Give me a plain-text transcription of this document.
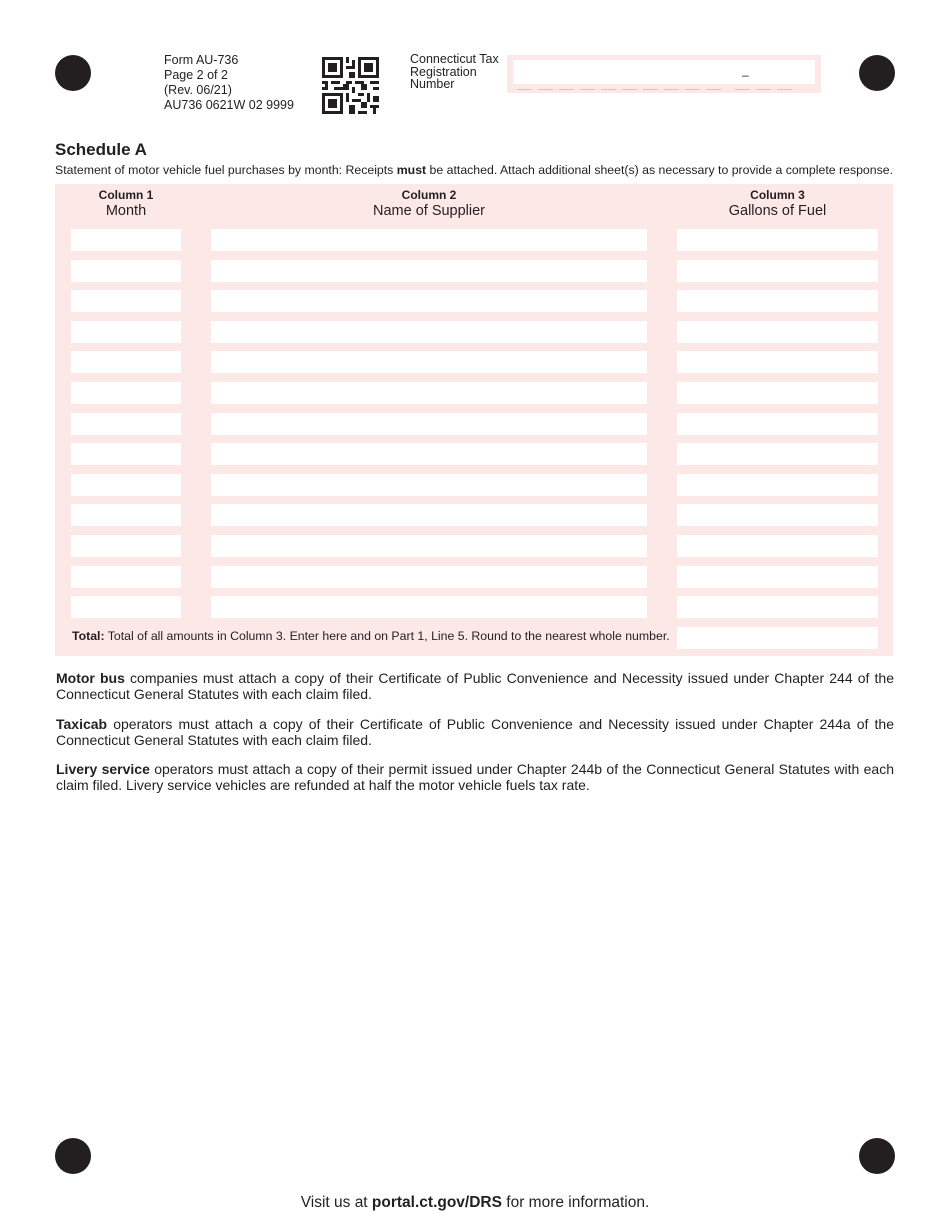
Form AU-736
Page 2 of 2
(Rev. 06/21)
AU736 0621W 02 9999
Connecticut Tax
Registration
Number
–
Schedule A
Statement of motor vehicle fuel purchases by month: Receipts must be attached. Attach additional sheet(s) as necessary to provide a complete response.
Column 1
Month
Column 2
Name of Supplier
Column 3
Gallons of Fuel
Total: Total of all amounts in Column 3. Enter here and on Part 1, Line 5. Round to the nearest whole number.
Motor bus companies must attach a copy of their Certificate of Public Convenience and Necessity issued under Chapter 244 of the Connecticut General Statutes with each claim filed.
Taxicab operators must attach a copy of their Certificate of Public Convenience and Necessity issued under Chapter 244a of the Connecticut General Statutes with each claim filed.
Livery service operators must attach a copy of their permit issued under Chapter 244b of the Connecticut General Statutes with each claim filed. Livery service vehicles are refunded at half the motor vehicle fuels tax rate.
Visit us at portal.ct.gov/DRS for more information.
